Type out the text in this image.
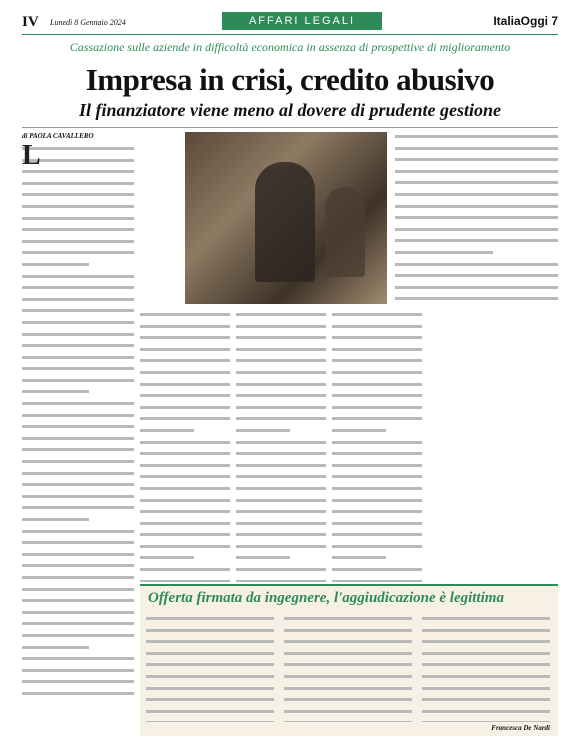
IV Lunedì 8 Gennaio 2024	AFFARI LEGALI	ItaliaOggi 7
Cassazione sulle aziende in difficoltà economica in assenza di prospettive di miglioramento
Impresa in crisi, credito abusivo
Il finanziatore viene meno al dovere di prudente gestione
di PAOLA CAVALLERO
L
Offerta firmata da ingegnere, l'aggiudicazione è legittima
Francesca De Nardi
